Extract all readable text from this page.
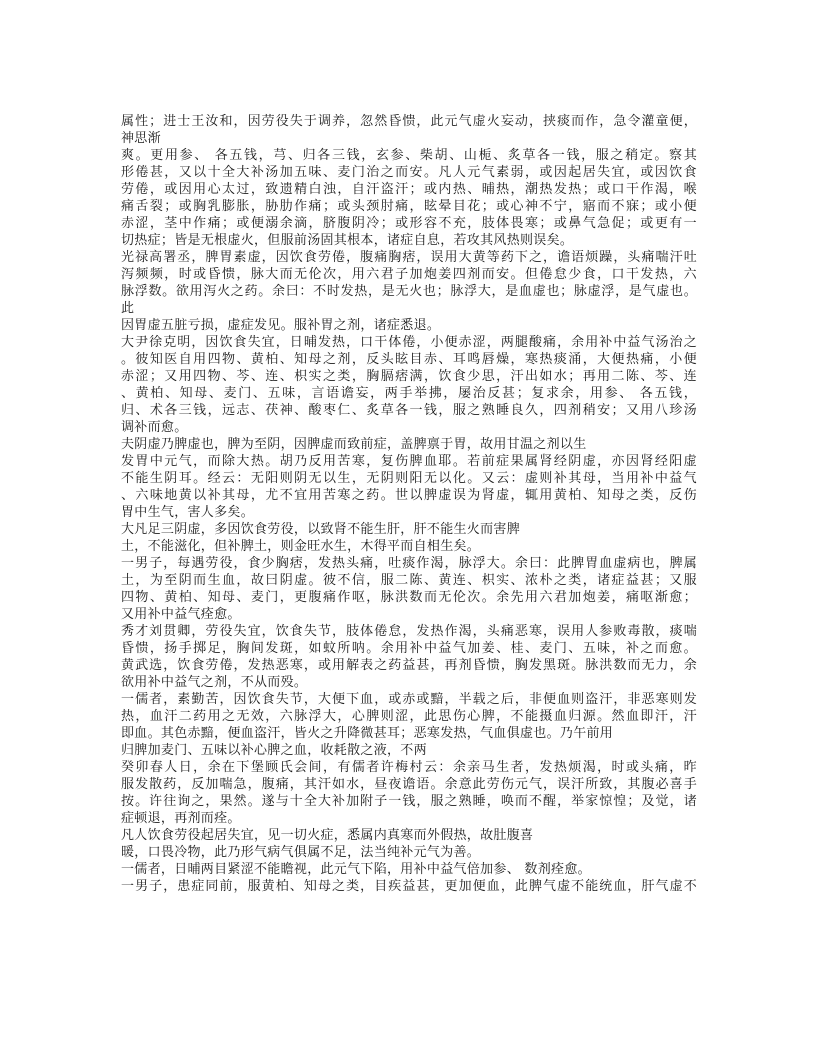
属性；进士王汝和，因劳役失于调养，忽然昏愦，此元气虚火妄动，挟痰而作，急令灌童便，
神思渐
爽。更用参、 各五钱，芎、归各三钱，玄参、柴胡、山栀、炙草各一钱，服之稍定。察其
形倦甚，又以十全大补汤加五味、麦门治之而安。凡人元气素弱，或因起居失宜，或因饮食
劳倦，或因用心太过，致遗精白浊，自汗盗汗；或内热、晡热，潮热发热；或口干作渴，喉
痛舌裂；或胸乳膨胀，胁肋作痛；或头颈肘痛，眩晕目花；或心神不宁，寤而不寐；或小便
赤涩，茎中作痛；或便溺余滴，脐腹阴冷；或形容不充，肢体畏寒；或鼻气急促；或更有一
切热症；皆是无根虚火，但服前汤固其根本，诸症自息，若攻其风热则误矣。
光禄高署丞，脾胃素虚，因饮食劳倦，腹痛胸痞，误用大黄等药下之，谵语烦躁，头痛喘汗吐
泻频频，时或昏愦，脉大而无伦次，用六君子加炮姜四剂而安。但倦怠少食，口干发热，六
脉浮数。欲用泻火之药。余曰：不时发热，是无火也；脉浮大，是血虚也；脉虚浮，是气虚也。
此
因胃虚五脏亏损，虚症发见。服补胃之剂，诸症悉退。
大尹徐克明，因饮食失宜，日晡发热，口干体倦，小便赤涩，两腿酸痛，余用补中益气汤治之
。彼知医自用四物、黄柏、知母之剂，反头眩目赤、耳鸣唇燥，寒热痰涌，大便热痛，小便
赤涩；又用四物、芩、连、枳实之类，胸膈痞满，饮食少思，汗出如水；再用二陈、芩、连
、黄柏、知母、麦门、五味，言语谵妄，两手举拂，屡治反甚；复求余，用参、 各五钱，
归、术各三钱，远志、茯神、酸枣仁、炙草各一钱，服之熟睡良久，四剂稍安；又用八珍汤
调补而愈。
夫阴虚乃脾虚也，脾为至阴，因脾虚而致前症，盖脾禀于胃，故用甘温之剂以生
发胃中元气，而除大热。胡乃反用苦寒，复伤脾血耶。若前症果属肾经阴虚，亦因肾经阳虚
不能生阴耳。经云：无阳则阴无以生，无阴则阳无以化。又云：虚则补其母，当用补中益气
、六味地黄以补其母，尤不宜用苦寒之药。世以脾虚误为肾虚，辄用黄柏、知母之类，反伤
胃中生气，害人多矣。
大凡足三阴虚，多因饮食劳役，以致肾不能生肝，肝不能生火而害脾
土，不能滋化，但补脾土，则金旺水生，木得平而自相生矣。
一男子，每遇劳役，食少胸痞，发热头痛，吐痰作渴，脉浮大。余曰：此脾胃血虚病也，脾属
土，为至阴而生血，故曰阴虚。彼不信，服二陈、黄连、枳实、浓朴之类，诸症益甚；又服
四物、黄柏、知母、麦门，更腹痛作呕，脉洪数而无伦次。余先用六君加炮姜，痛呕渐愈；
又用补中益气痊愈。
秀才刘贯卿，劳役失宜，饮食失节，肢体倦怠，发热作渴，头痛恶寒，误用人参败毒散，痰喘
昏愦，扬手掷足，胸间发斑，如蚊所呐。余用补中益气加姜、桂、麦门、五味，补之而愈。
黄武选，饮食劳倦，发热恶寒，或用解表之药益甚，再剂昏愦，胸发黑斑。脉洪数而无力，余
欲用补中益气之剂，不从而殁。
一儒者，素勤苦，因饮食失节，大便下血，或赤或黯，半载之后，非便血则盗汗，非恶寒则发
热，血汗二药用之无效，六脉浮大，心脾则涩，此思伤心脾，不能摄血归源。然血即汗，汗
即血。其色赤黯，便血盗汗，皆火之升降微甚耳；恶寒发热，气血俱虚也。乃午前用
归脾加麦门、五味以补心脾之血，收耗散之液，不两
癸卯春人日，余在下堡顾氏会间，有儒者许梅村云：余亲马生者，发热烦渴，时或头痛，昨
服发散药，反加喘急，腹痛，其汗如水，昼夜谵语。余意此劳伤元气，误汗所致，其腹必喜手
按。许往询之，果然。遂与十全大补加附子一钱，服之熟睡，唤而不醒，举家惊惶；及觉，诸
症顿退，再剂而痊。
凡人饮食劳役起居失宜，见一切火症，悉属内真寒而外假热，故肚腹喜
暖，口畏冷物，此乃形气病气俱属不足，法当纯补元气为善。
一儒者，日晡两目紧涩不能瞻视，此元气下陷，用补中益气倍加参、 数剂痊愈。
一男子，患症同前，服黄柏、知母之类，目疾益甚，更加便血，此脾气虚不能统血，肝气虚不
